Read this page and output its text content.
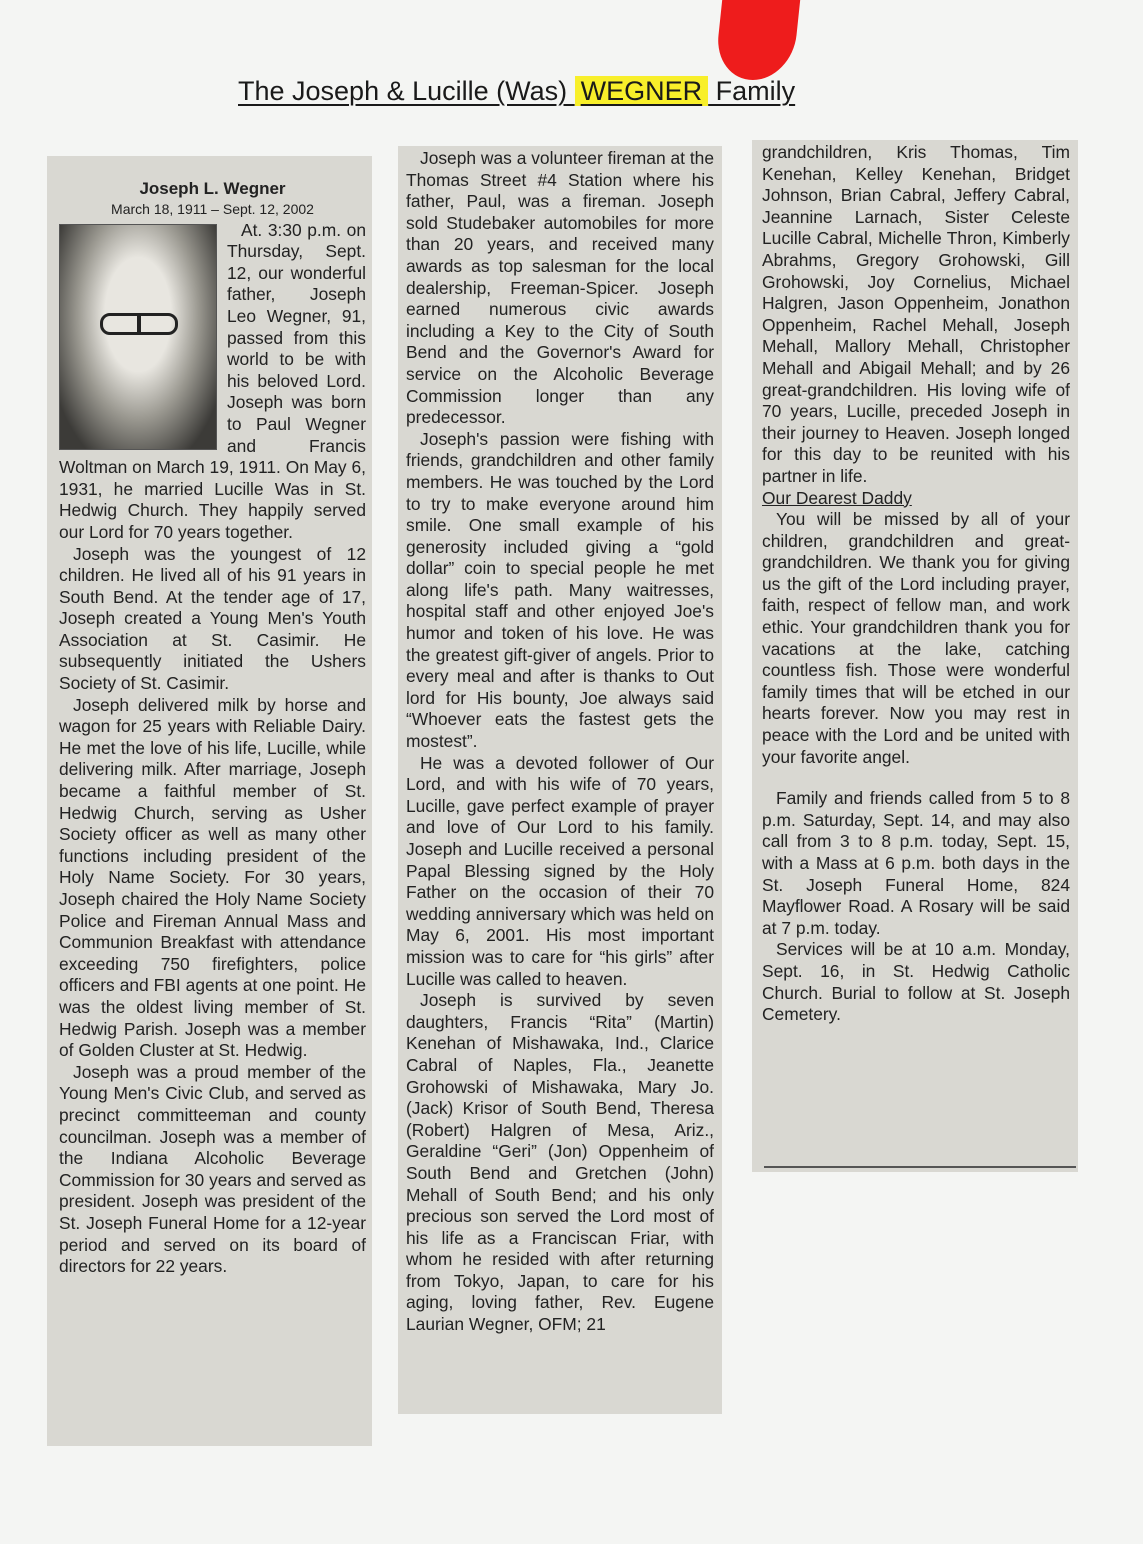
The Joseph & Lucille (Was) WEGNER Family
Joseph L. Wegner
March 18, 1911 – Sept. 12, 2002

At. 3:30 p.m. on Thursday, Sept. 12, our wonderful father, Joseph Leo Wegner, 91, passed from this world to be with his beloved Lord. Joseph was born to Paul Wegner and Francis Woltman on March 19, 1911. On May 6, 1931, he married Lucille Was in St. Hedwig Church. They happily served our Lord for 70 years together.

Joseph was the youngest of 12 children. He lived all of his 91 years in South Bend. At the tender age of 17, Joseph created a Young Men's Youth Association at St. Casimir. He subsequently initiated the Ushers Society of St. Casimir.

Joseph delivered milk by horse and wagon for 25 years with Reliable Dairy. He met the love of his life, Lucille, while delivering milk. After marriage, Joseph became a faithful member of St. Hedwig Church, serving as Usher Society officer as well as many other functions including president of the Holy Name Society. For 30 years, Joseph chaired the Holy Name Society Police and Fireman Annual Mass and Communion Breakfast with attendance exceeding 750 firefighters, police officers and FBI agents at one point. He was the oldest living member of St. Hedwig Parish. Joseph was a member of Golden Cluster at St. Hedwig.

Joseph was a proud member of the Young Men's Civic Club, and served as precinct committeeman and county councilman. Joseph was a member of the Indiana Alcoholic Beverage Commission for 30 years and served as president. Joseph was president of the St. Joseph Funeral Home for a 12-year period and served on its board of directors for 22 years.

Joseph was a volunteer fireman at the Thomas Street #4 Station where his father, Paul, was a fireman. Joseph sold Studebaker automobiles for more than 20 years, and received many awards as top salesman for the local dealership, Freeman-Spicer. Joseph earned numerous civic awards including a Key to the City of South Bend and the Governor's Award for service on the Alcoholic Beverage Commission longer than any predecessor.

Joseph's passion were fishing with friends, grandchildren and other family members. He was touched by the Lord to try to make everyone around him smile. One small example of his generosity included giving a “gold dollar” coin to special people he met along life's path. Many waitresses, hospital staff and other enjoyed Joe's humor and token of his love. He was the greatest gift-giver of angels. Prior to every meal and after is thanks to Out lord for His bounty, Joe always said “Whoever eats the fastest gets the mostest”.

He was a devoted follower of Our Lord, and with his wife of 70 years, Lucille, gave perfect example of prayer and love of Our Lord to his family. Joseph and Lucille received a personal Papal Blessing signed by the Holy Father on the occasion of their 70 wedding anniversary which was held on May 6, 2001. His most important mission was to care for “his girls” after Lucille was called to heaven.

Joseph is survived by seven daughters, Francis “Rita” (Martin) Kenehan of Mishawaka, Ind., Clarice Cabral of Naples, Fla., Jeanette Grohowski of Mishawaka, Mary Jo. (Jack) Krisor of South Bend, Theresa (Robert) Halgren of Mesa, Ariz., Geraldine “Geri” (Jon) Oppenheim of South Bend and Gretchen (John) Mehall of South Bend; and his only precious son served the Lord most of his life as a Franciscan Friar, with whom he resided with after returning from Tokyo, Japan, to care for his aging, loving father, Rev. Eugene Laurian Wegner, OFM; 21

grandchildren, Kris Thomas, Tim Kenehan, Kelley Kenehan, Bridget Johnson, Brian Cabral, Jeffery Cabral, Jeannine Larnach, Sister Celeste Lucille Cabral, Michelle Thron, Kimberly Abrahms, Gregory Grohowski, Gill Grohowski, Joy Cornelius, Michael Halgren, Jason Oppenheim, Jonathon Oppenheim, Rachel Mehall, Joseph Mehall, Mallory Mehall, Christopher Mehall and Abigail Mehall; and by 26 great-grandchildren. His loving wife of 70 years, Lucille, preceded Joseph in their journey to Heaven. Joseph longed for this day to be reunited with his partner in life.

Our Dearest Daddy

You will be missed by all of your children, grandchildren and great-grandchildren. We thank you for giving us the gift of the Lord including prayer, faith, respect of fellow man, and work ethic. Your grandchildren thank you for vacations at the lake, catching countless fish. Those were wonderful family times that will be etched in our hearts forever. Now you may rest in peace with the Lord and be united with your favorite angel.

Family and friends called from 5 to 8 p.m. Saturday, Sept. 14, and may also call from 3 to 8 p.m. today, Sept. 15, with a Mass at 6 p.m. both days in the St. Joseph Funeral Home, 824 Mayflower Road. A Rosary will be said at 7 p.m. today.

Services will be at 10 a.m. Monday, Sept. 16, in St. Hedwig Catholic Church. Burial to follow at St. Joseph Cemetery.
